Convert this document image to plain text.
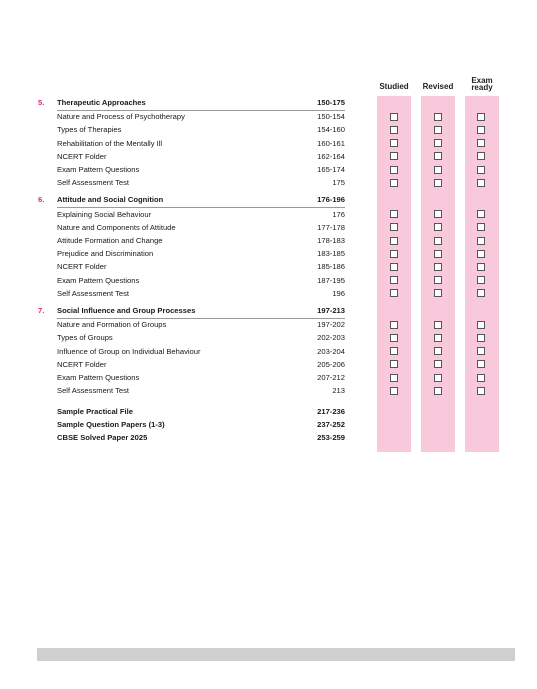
Studied	Revised
Exam
ready
5. Therapeutic Approaches	150-175
Nature and Process of Psychotherapy	150-154
Types of Therapies	154-160
Rehabilitation of the Mentally Ill	160-161
NCERT Folder	162-164
Exam Pattern Questions	165-174
Self Assessment Test	175
6. Attitude and Social Cognition	176-196
Explaining Social Behaviour	176
Nature and Components of Attitude	177-178
Attitude Formation and Change	178-183
Prejudice and Discrimination	183-185
NCERT Folder	185-186
Exam Pattern Questions	187-195
Self Assessment Test	196
7. Social Influence and Group Processes	197-213
Nature and Formation of Groups	197-202
Types of Groups	202-203
Influence of Group on Individual Behaviour	203-204
NCERT Folder	205-206
Exam Pattern Questions	207-212
Self Assessment Test	213
Sample Practical File	217-236
Sample Question Papers (1-3)	237-252
CBSE Solved Paper 2025	253-259
